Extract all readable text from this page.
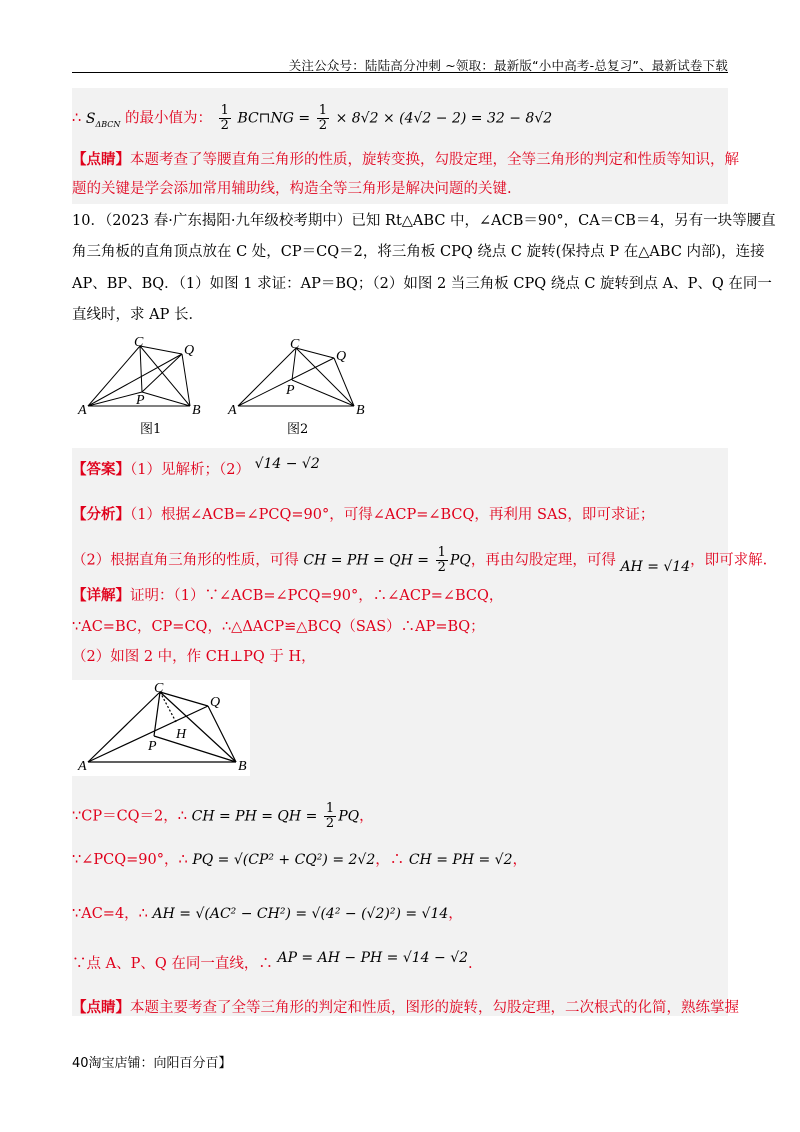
关注公众号：陆陆高分冲刺 ~领取：最新版“小中高考-总复习”、最新试卷下载
∴ $S_{\Delta BCN}$ 的最小值为： $\frac{1}{2}$ BC⊓NG = $\frac{1}{2} \times 8√2 \times (4√2 - 2) = 32 - 8√2$
【点睛】本题考查了等腰直角三角形的性质，旋转变换，勾股定理，全等三角形的判定和性质等知识，解
题的关键是学会添加常用辅助线，构造全等三角形是解决问题的关键.
10．（2023 春·广东揭阳·九年级校考期中）已知 Rt△ABC 中，∠ACB＝90°，CA＝CB＝4，另有一块等腰直
角三角板的直角顶点放在 C 处，CP＝CQ＝2，将三角板 CPQ 绕点 C 旋转(保持点 P 在△ABC 内部)，连接
AP、BP、BQ．（1）如图 1 求证：AP＝BQ；（2）如图 2 当三角板 CPQ 绕点 C 旋转到点 A、P、Q 在同一
直线时，求 AP 长．
A	B
C
P
Q
图1
A	B
C
P
Q
图2
【答案】（1）见解析；（2） √14 − √2
【分析】（1）根据∠ACB=∠PCQ=90°，可得∠ACP=∠BCQ，再利用 SAS，即可求证；
（2）根据直角三角形的性质，可得 CH = PH = QH = $\frac{1}{2}$ PQ，再由勾股定理，可得 AH = √14，即可求解.
【详解】证明：（1）∵∠ACB=∠PCQ=90°，∴∠ACP=∠BCQ，
∵AC=BC，CP=CQ，∴△ΔACP≌△BCQ（SAS）∴AP=BQ；
（2）如图 2 中，作 CH⊥PQ 于 H，
A	B
C
P
Q
H
∵CP＝CQ＝2，∴ CH = PH = QH = $\frac{1}{2}$ PQ，
∵∠PCQ=90°，∴ PQ = √(CP² + CQ²) = 2√2，∴ CH = PH = √2，
∵AC=4，∴ AH = √(AC² − CH²) = √(4² − (√2)²) = √14，
∵点 A、P、Q 在同一直线，∴ AP = AH − PH = √14 − √2.
【点睛】本题主要考查了全等三角形的判定和性质，图形的旋转，勾股定理，二次根式的化简，熟练掌握
40淘宝店铺：向阳百分百】
